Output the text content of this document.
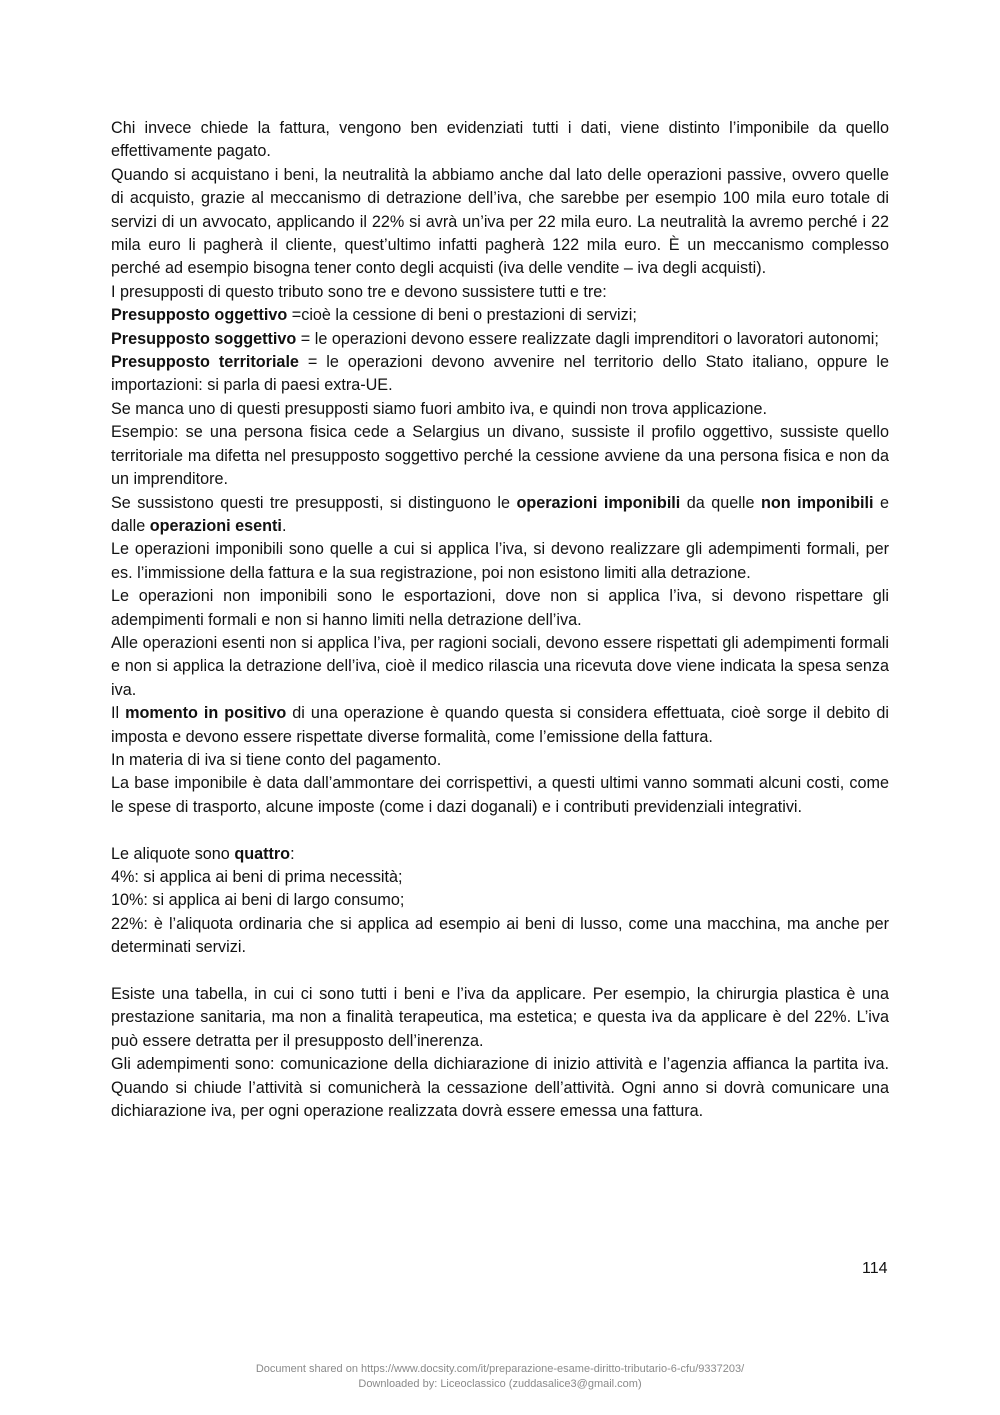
Chi invece chiede la fattura, vengono ben evidenziati tutti i dati, viene distinto l’imponibile da quello effettivamente pagato.

Quando si acquistano i beni, la neutralità la abbiamo anche dal lato delle operazioni passive, ovvero quelle di acquisto, grazie al meccanismo di detrazione dell’iva, che sarebbe per esempio 100 mila euro totale di servizi di un avvocato, applicando il 22% si avrà un’iva per 22 mila euro. La neutralità la avremo perché i 22 mila euro li pagherà il cliente, quest’ultimo infatti pagherà 122 mila euro. È un meccanismo complesso perché ad esempio bisogna tener conto degli acquisti (iva delle vendite – iva degli acquisti).

I presupposti di questo tributo sono tre e devono sussistere tutti e tre:

Presupposto oggettivo =cioè la cessione di beni o prestazioni di servizi;

Presupposto soggettivo = le operazioni devono essere realizzate dagli imprenditori o lavoratori autonomi;

Presupposto territoriale = le operazioni devono avvenire nel territorio dello Stato italiano, oppure le importazioni: si parla di paesi extra-UE.

Se manca uno di questi presupposti siamo fuori ambito iva, e quindi non trova applicazione.

Esempio: se una persona fisica cede a Selargius un divano, sussiste il profilo oggettivo, sussiste quello territoriale ma difetta nel presupposto soggettivo perché la cessione avviene da una persona fisica e non da un imprenditore.

Se sussistono questi tre presupposti, si distinguono le operazioni imponibili da quelle non imponibili e dalle operazioni esenti.

Le operazioni imponibili sono quelle a cui si applica l’iva, si devono realizzare gli adempimenti formali, per es. l’immissione della fattura e la sua registrazione, poi non esistono limiti alla detrazione.

Le operazioni non imponibili sono le esportazioni, dove non si applica l’iva, si devono rispettare gli adempimenti formali e non si hanno limiti nella detrazione dell’iva.

Alle operazioni esenti non si applica l’iva, per ragioni sociali, devono essere rispettati gli adempimenti formali e non si applica la detrazione dell’iva, cioè il medico rilascia una ricevuta dove viene indicata la spesa senza iva.

Il momento in positivo di una operazione è quando questa si considera effettuata, cioè sorge il debito di imposta e devono essere rispettate diverse formalità, come l’emissione della fattura.

In materia di iva si tiene conto del pagamento.

La base imponibile è data dall’ammontare dei corrispettivi, a questi ultimi vanno sommati alcuni costi, come le spese di trasporto, alcune imposte (come i dazi doganali) e i contributi previdenziali integrativi.

Le aliquote sono quattro:

4%: si applica ai beni di prima necessità;

10%: si applica ai beni di largo consumo;

22%: è l’aliquota ordinaria che si applica ad esempio ai beni di lusso, come una macchina, ma anche per determinati servizi.

Esiste una tabella, in cui ci sono tutti i beni e l’iva da applicare. Per esempio, la chirurgia plastica è una prestazione sanitaria, ma non a finalità terapeutica, ma estetica; e questa iva da applicare è del 22%. L’iva può essere detratta per il presupposto dell’inerenza.

Gli adempimenti sono: comunicazione della dichiarazione di inizio attività e l’agenzia affianca la partita iva. Quando si chiude l’attività si comunicherà la cessazione dell’attività. Ogni anno si dovrà comunicare una dichiarazione iva, per ogni operazione realizzata dovrà essere emessa una fattura.

114
Document shared on https://www.docsity.com/it/preparazione-esame-diritto-tributario-6-cfu/9337203/
Downloaded by: Liceoclassico (zuddasalice3@gmail.com)
